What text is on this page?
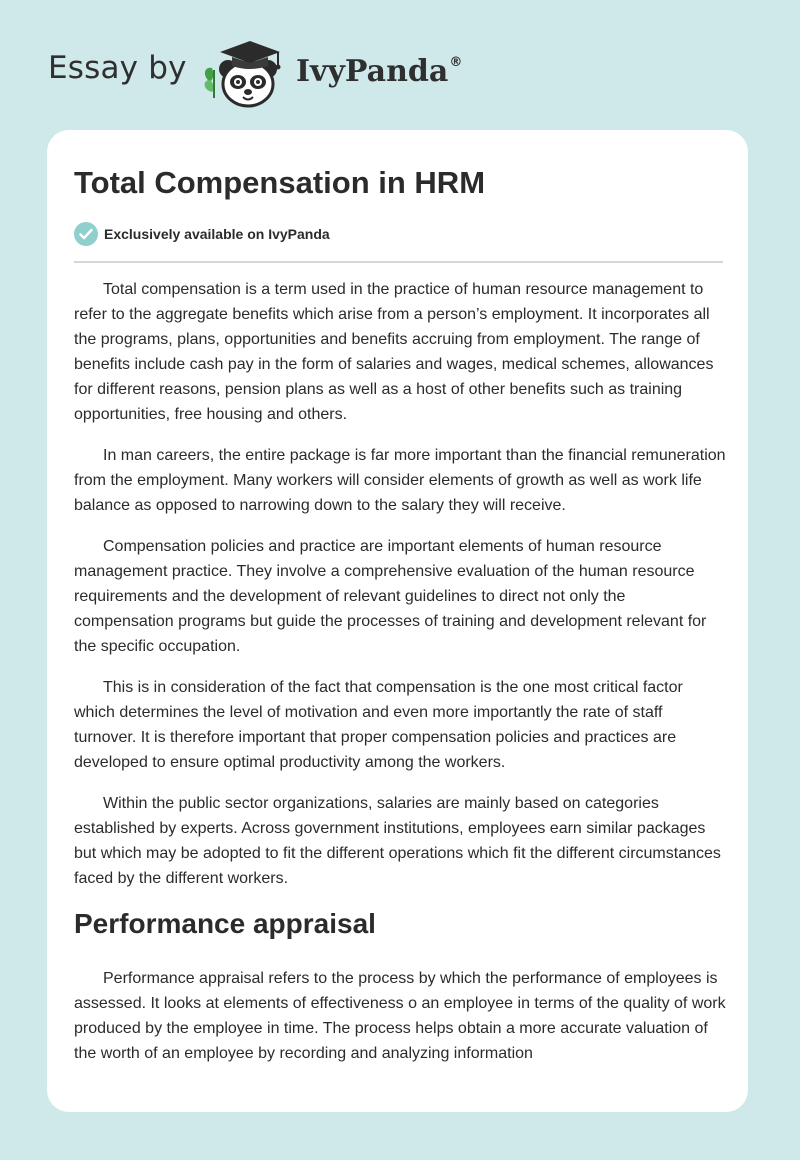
Essay by	IvyPanda®
Total Compensation in HRM
Exclusively available on IvyPanda

Total compensation is a term used in the practice of human resource management to refer to the aggregate benefits which arise from a person’s employment. It incorporates all the programs, plans, opportunities and benefits accruing from employment. The range of benefits include cash pay in the form of salaries and wages, medical schemes, allowances for different reasons, pension plans as well as a host of other benefits such as training opportunities, free housing and others.

In man careers, the entire package is far more important than the financial remuneration from the employment. Many workers will consider elements of growth as well as work life balance as opposed to narrowing down to the salary they will receive.

Compensation policies and practice are important elements of human resource management practice. They involve a comprehensive evaluation of the human resource requirements and the development of relevant guidelines to direct not only the compensation programs but guide the processes of training and development relevant for the specific occupation.

This is in consideration of the fact that compensation is the one most critical factor which determines the level of motivation and even more importantly the rate of staff turnover. It is therefore important that proper compensation policies and practices are developed to ensure optimal productivity among the workers.

Within the public sector organizations, salaries are mainly based on categories established by experts. Across government institutions, employees earn similar packages but which may be adopted to fit the different operations which fit the different circumstances faced by the different workers.

Performance appraisal

Performance appraisal refers to the process by which the performance of employees is assessed. It looks at elements of effectiveness o an employee in terms of the quality of work produced by the employee in time. The process helps obtain a more accurate valuation of the worth of an employee by recording and analyzing information
